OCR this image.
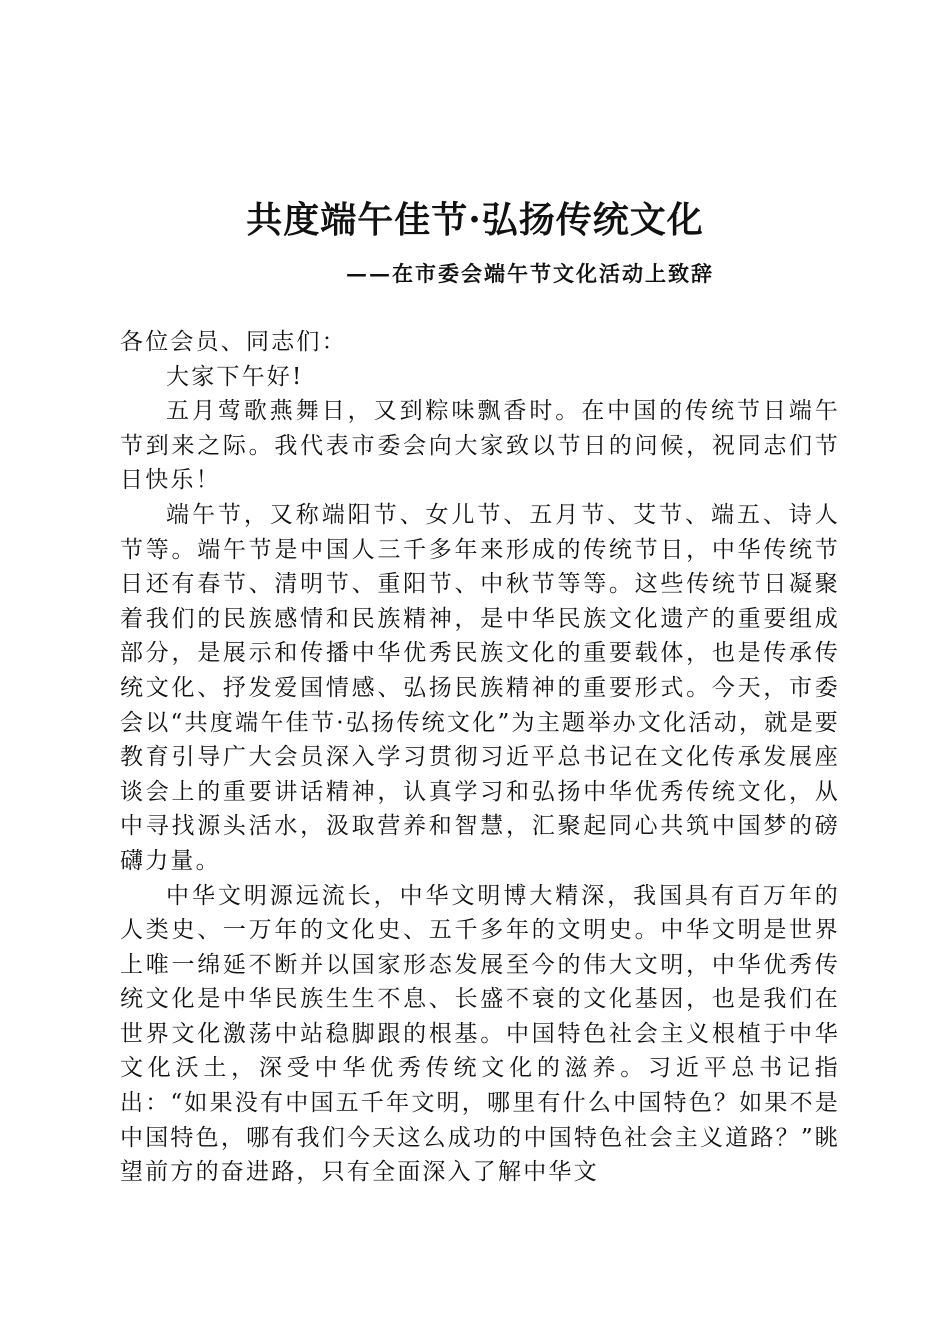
共度端午佳节·弘扬传统文化
——在市委会端午节文化活动上致辞

各位会员、同志们：

大家下午好!

五月莺歌燕舞日，又到粽味飘香时。在中国的传统节日端午节到来之际。我代表市委会向大家致以节日的问候，祝同志们节日快乐！

端午节，又称端阳节、女儿节、五月节、艾节、端五、诗人节等。端午节是中国人三千多年来形成的传统节日，中华传统节日还有春节、清明节、重阳节、中秋节等等。这些传统节日凝聚着我们的民族感情和民族精神，是中华民族文化遗产的重要组成部分，是展示和传播中华优秀民族文化的重要载体，也是传承传统文化、抒发爱国情感、弘扬民族精神的重要形式。今天，市委会以“共度端午佳节·弘扬传统文化”为主题举办文化活动，就是要教育引导广大会员深入学习贯彻习近平总书记在文化传承发展座谈会上的重要讲话精神，认真学习和弘扬中华优秀传统文化，从中寻找源头活水，汲取营养和智慧，汇聚起同心共筑中国梦的磅礴力量。

中华文明源远流长，中华文明博大精深，我国具有百万年的人类史、一万年的文化史、五千多年的文明史。中华文明是世界上唯一绵延不断并以国家形态发展至今的伟大文明，中华优秀传统文化是中华民族生生不息、长盛不衰的文化基因，也是我们在世界文化激荡中站稳脚跟的根基。中国特色社会主义根植于中华文化沃土，深受中华优秀传统文化的滋养。习近平总书记指出：“如果没有中国五千年文明，哪里有什么中国特色？如果不是中国特色，哪有我们今天这么成功的中国特色社会主义道路？”眺望前方的奋进路，只有全面深入了解中华文
